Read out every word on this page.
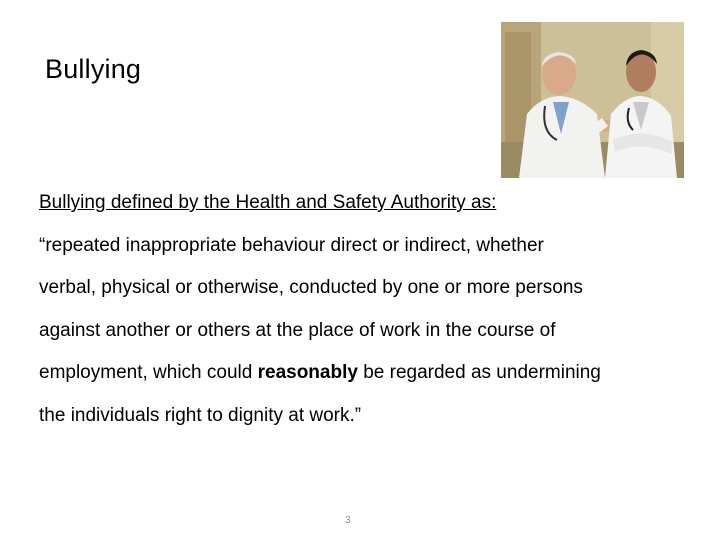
Bullying

Bullying defined by the Health and Safety Authority as:

“repeated inappropriate behaviour direct or indirect, whether

verbal, physical or otherwise, conducted by one or more persons

against another or others at the place of work in the course of

employment, which could reasonably be regarded as undermining

the individuals right to dignity at work.”

3
